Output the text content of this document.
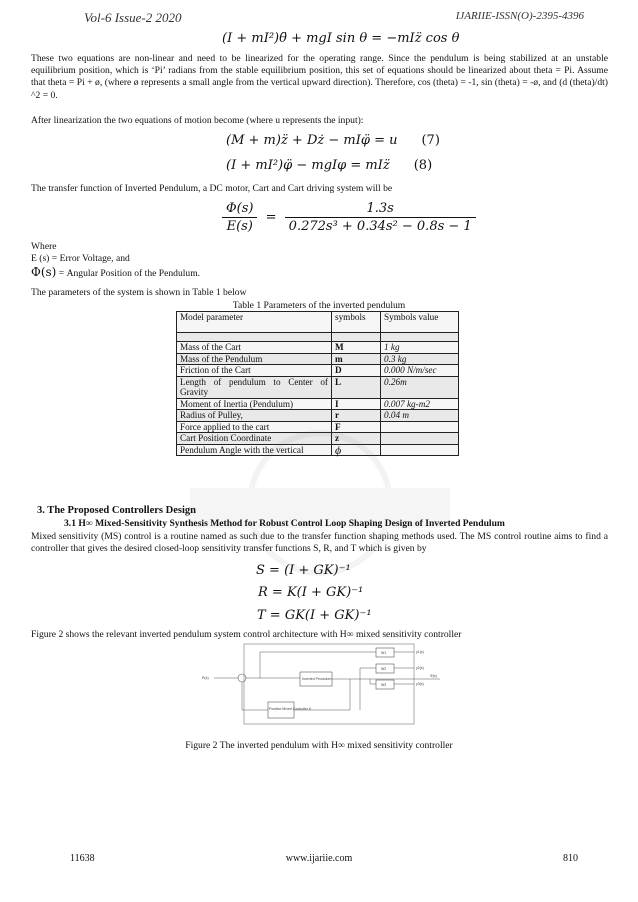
Vol-6 Issue-2 2020	IJARIIE-ISSN(O)-2395-4396
(I + mI²)θ̈ + mgI sin θ = −mIz̈ cos θ
These two equations are non-linear and need to be linearized for the operating range. Since the pendulum is being stabilized at an unstable equilibrium position, which is ‘Pi’ radians from the stable equilibrium position, this set of equations should be linearized about theta = Pi. Assume that theta = Pi + ø, (where ø represents a small angle from the vertical upward direction). Therefore, cos (theta) = -1, sin (theta) = -ø, and (d (theta)/dt) ^2 = 0.
After linearization the two equations of motion become (where u represents the input):
(M + m)z̈ + Dż − mIφ̈ = u (7)
(I + mI²)φ̈ − mgIφ = mIz̈ (8)
The transfer function of Inverted Pendulum, a DC motor, Cart and Cart driving system will be
$\frac{\Phi(s)}{E(s)} = \frac{1.3s}{\text{0.272s³ + 0.34s² − 0.8s − 1}}$
Where
E (s) = Error Voltage, and
Φ(s) = Angular Position of the Pendulum.
The parameters of the system is shown in Table 1 below
Table 1 Parameters of the inverted pendulum
Model parameter	symbols	Symbols value

Mass of the Cart	M	1 kg
Mass of the Pendulum	m	0.3 kg
Friction of the Cart	D	0.000 N/m/sec
Length of pendulum to Center of Gravity	L	0.26m
Moment of Inertia (Pendulum)	I	0.007 kg-m2
Radius of Pulley,	r	0.04 m
Force applied to the cart	F	
Cart Position Coordinate	z	
Pendulum Angle with the vertical	ϕ	
3. The Proposed Controllers Design
3.1 H∞ Mixed-Sensitivity Synthesis Method for Robust Control Loop Shaping Design of Inverted Pendulum
Mixed sensitivity (MS) control is a routine named as such due to the transfer function shaping methods used. The MS control routine aims to find a controller that gives the desired closed-loop sensitivity transfer functions S, R, and T which is given by
S = (I + GK)⁻¹
R = K(I + GK)⁻¹
T = GK(I + GK)⁻¹
Figure 2 shows the relevant inverted pendulum system control architecture with H∞ mixed sensitivity controller
W1
W2
W3
y1(s)
y2(s)
y3(s)
R(s)	Inverted Pendulum
Φ(s)
Positive-Mixed Controller K
Figure 2 The inverted pendulum with H∞ mixed sensitivity controller
11638	www.ijariie.com	810
